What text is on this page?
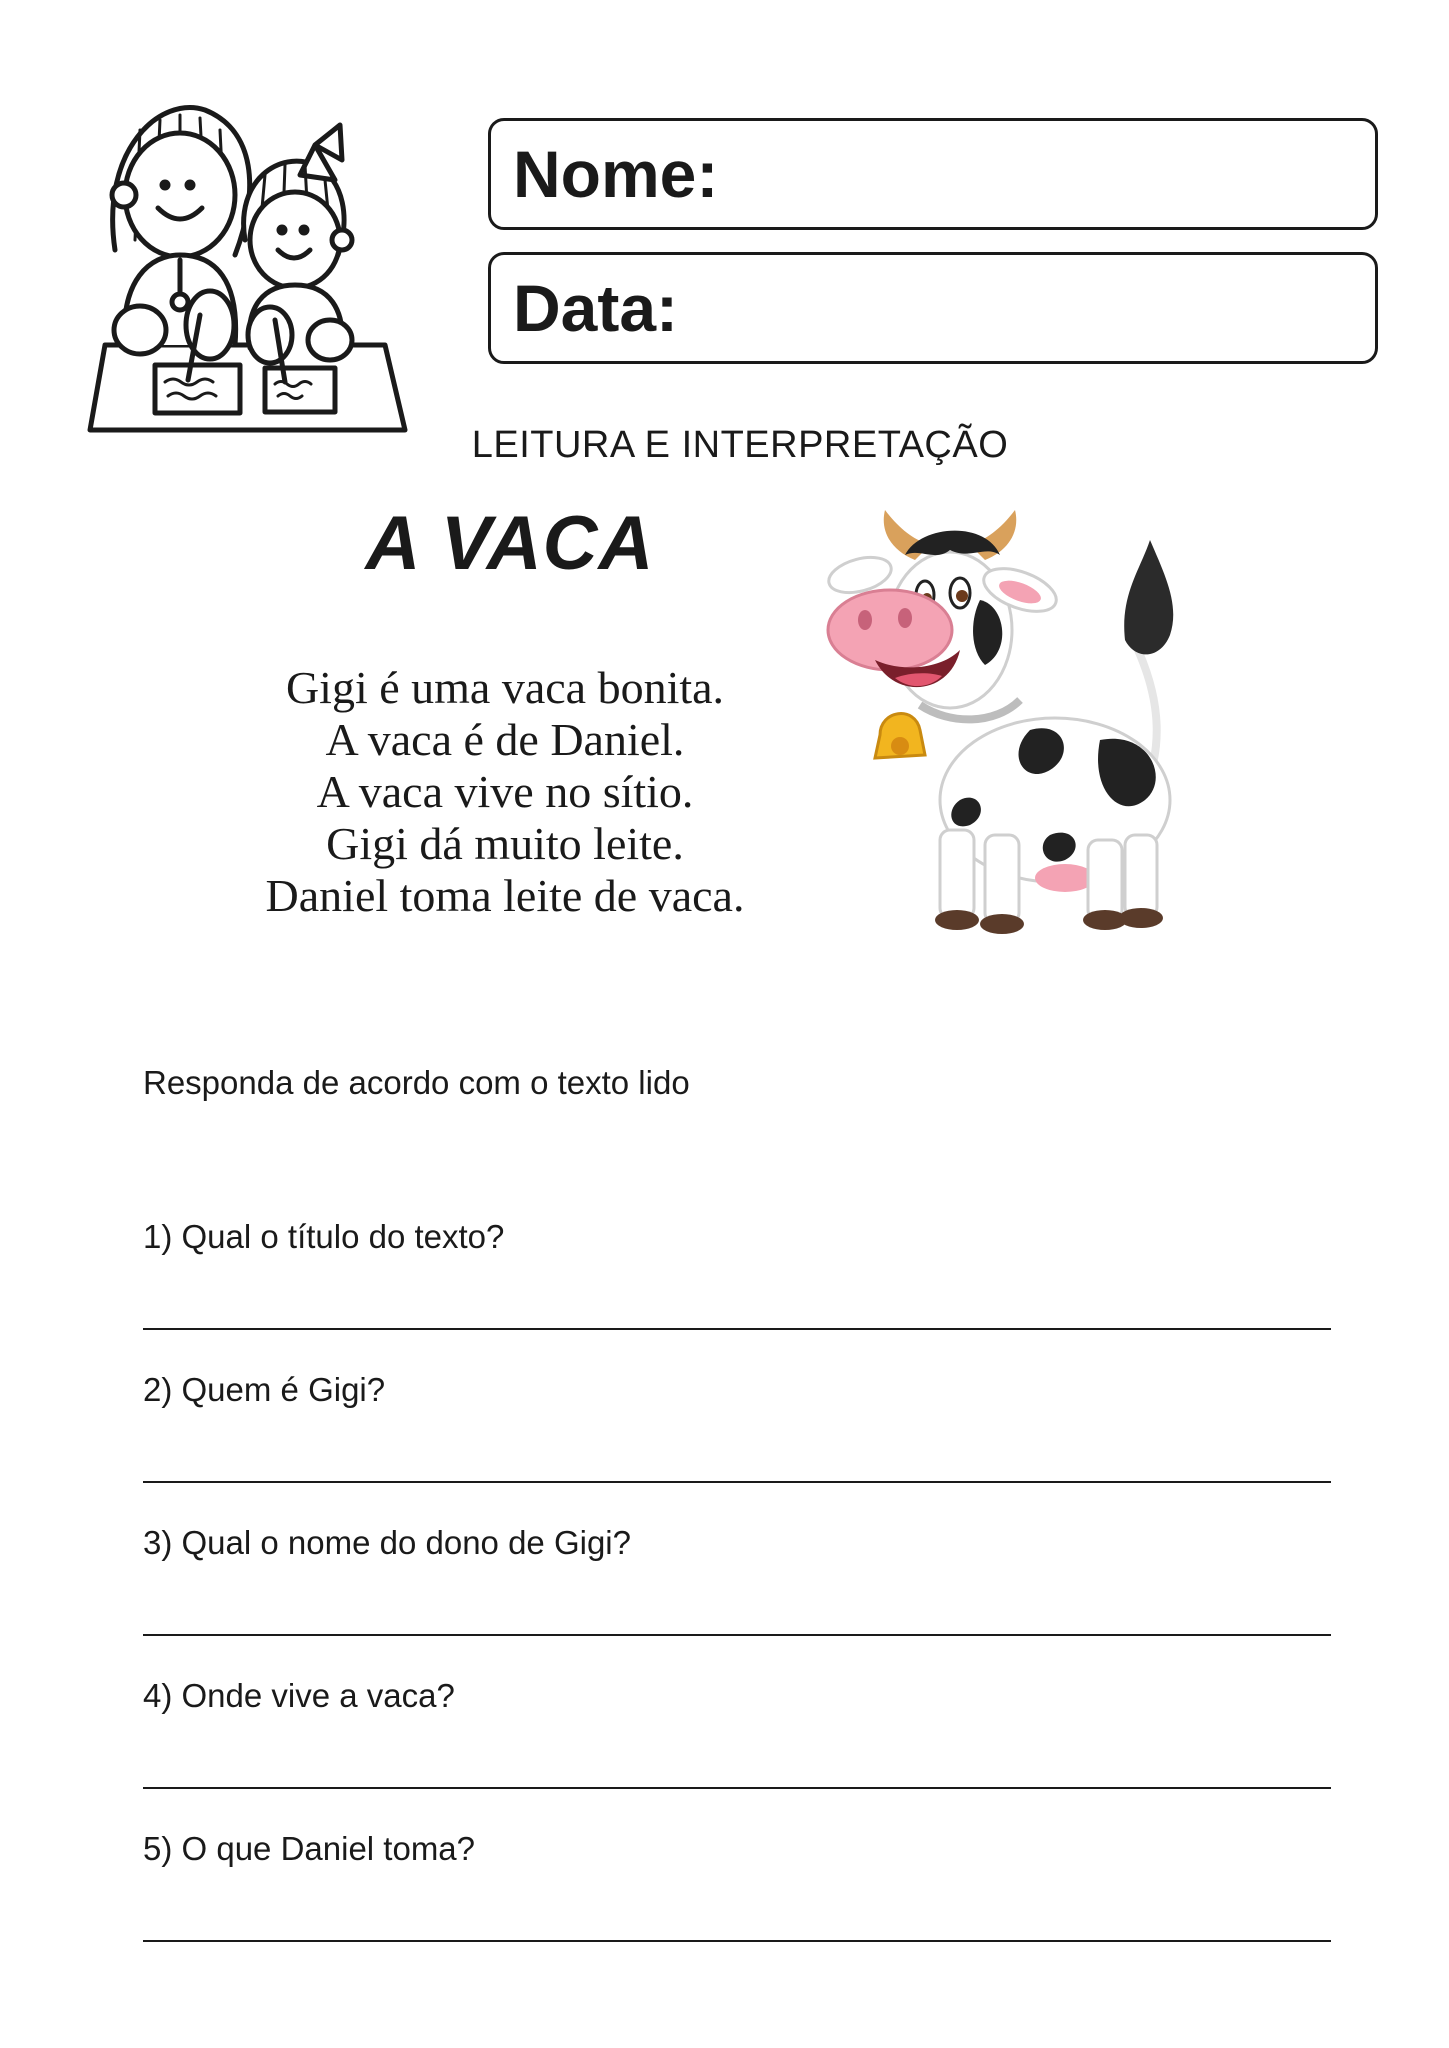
Nome:
Data:
LEITURA E INTERPRETAÇÃO
A VACA
Gigi é uma vaca bonita.
A vaca é de Daniel.
A vaca vive no sítio.
Gigi dá muito leite.
Daniel toma leite de vaca.
Responda de acordo com o texto lido
1) Qual o título do texto?
2) Quem é Gigi?
3) Qual o nome do dono de Gigi?
4) Onde vive a vaca?
5) O que Daniel toma?
